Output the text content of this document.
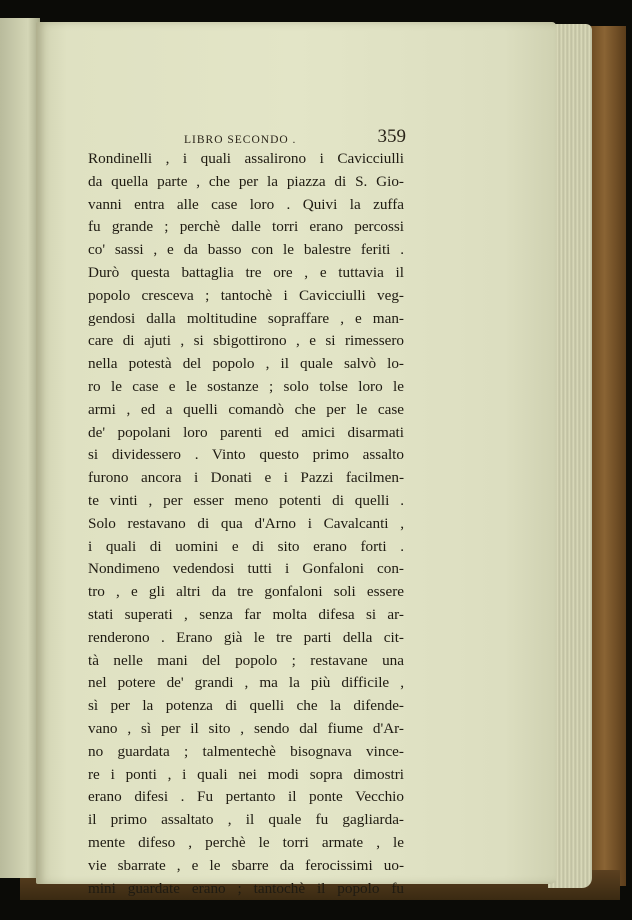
LIBRO SECONDO .	359
Rondinelli , i quali assalirono i Cavicciulli
da quella parte , che per la piazza di S. Gio-
vanni entra alle case loro . Quivi la zuffa
fu grande ; perchè dalle torri erano percossi
co' sassi , e da basso con le balestre feriti .
Durò questa battaglia tre ore , e tuttavia il
popolo cresceva ; tantochè i Cavicciulli veg-
gendosi dalla moltitudine sopraffare , e man-
care di ajuti , si sbigottirono , e si rimessero
nella potestà del popolo , il quale salvò lo-
ro le case e le sostanze ; solo tolse loro le
armi , ed a quelli comandò che per le case
de' popolani loro parenti ed amici disarmati
si dividessero . Vinto questo primo assalto
furono ancora i Donati e i Pazzi facilmen-
te vinti , per esser meno potenti di quelli .
Solo restavano di qua d'Arno i Cavalcanti ,
i quali di uomini e di sito erano forti .
Nondimeno vedendosi tutti i Gonfaloni con-
tro , e gli altri da tre gonfaloni soli essere
stati superati , senza far molta difesa si ar-
renderono . Erano già le tre parti della cit-
tà nelle mani del popolo ; restavane una
nel potere de' grandi , ma la più difficile ,
sì per la potenza di quelli che la difende-
vano , sì per il sito , sendo dal fiume d'Ar-
no guardata ; talmentechè bisognava vince-
re i ponti , i quali nei modi sopra dimostri
erano difesi . Fu pertanto il ponte Vecchio
il primo assaltato , il quale fu gagliarda-
mente difeso , perchè le torri armate , le
vie sbarrate , e le sbarre da ferocissimi uo-
mini guardate erano ; tantochè il popolo fu
